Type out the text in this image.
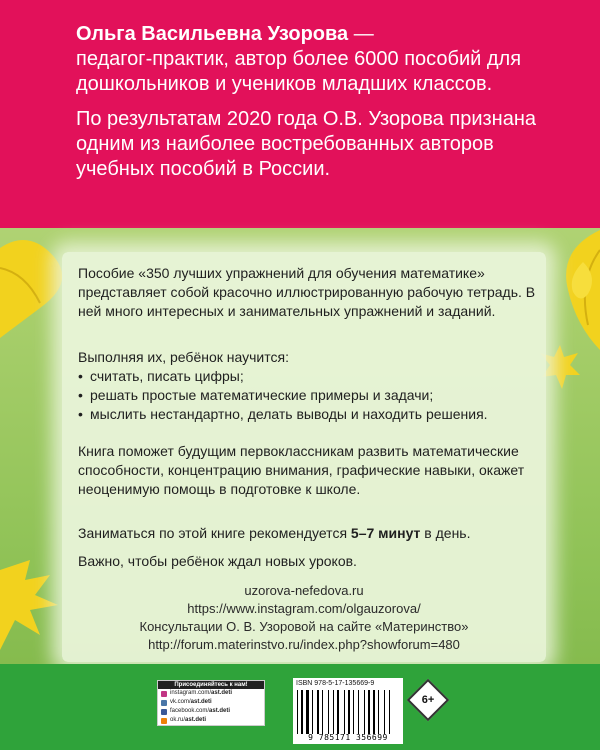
Ольга Васильевна Узорова —
педагог-практик, автор более 6000 пособий для дошкольников и учеников младших классов.
По результатам 2020 года О.В. Узорова признана одним из наиболее востребованных авторов учебных пособий в России.

Пособие «350 лучших упражнений для обучения математике» представляет собой красочно иллюстрированную рабочую тетрадь. В ней много интересных и занимательных упражнений и заданий.

Выполняя их, ребёнок научится:

• считать, писать цифры;
• решать простые математические примеры и задачи;
• мыслить нестандартно, делать выводы и находить решения.

Книга поможет будущим первоклассникам развить математические способности, концентрацию внимания, графические навыки, окажет неоценимую помощь в подготовке к школе.

Заниматься по этой книге рекомендуется 5–7 минут в день.

Важно, чтобы ребёнок ждал новых уроков.

uzorova-nefedova.ru

https://www.instagram.com/olgauzorova/

Консультации О. В. Узоровой на сайте «Материнство»

http://forum.materinstvo.ru/index.php?showforum=480

Присоединяйтесь к нам!
instagram.com/ ast.deti
vk.com/ ast.deti
facebook.com/ ast.deti
ok.ru/ ast.deti
ISBN 978-5-17-135669-9
9 785171 356699
6+
